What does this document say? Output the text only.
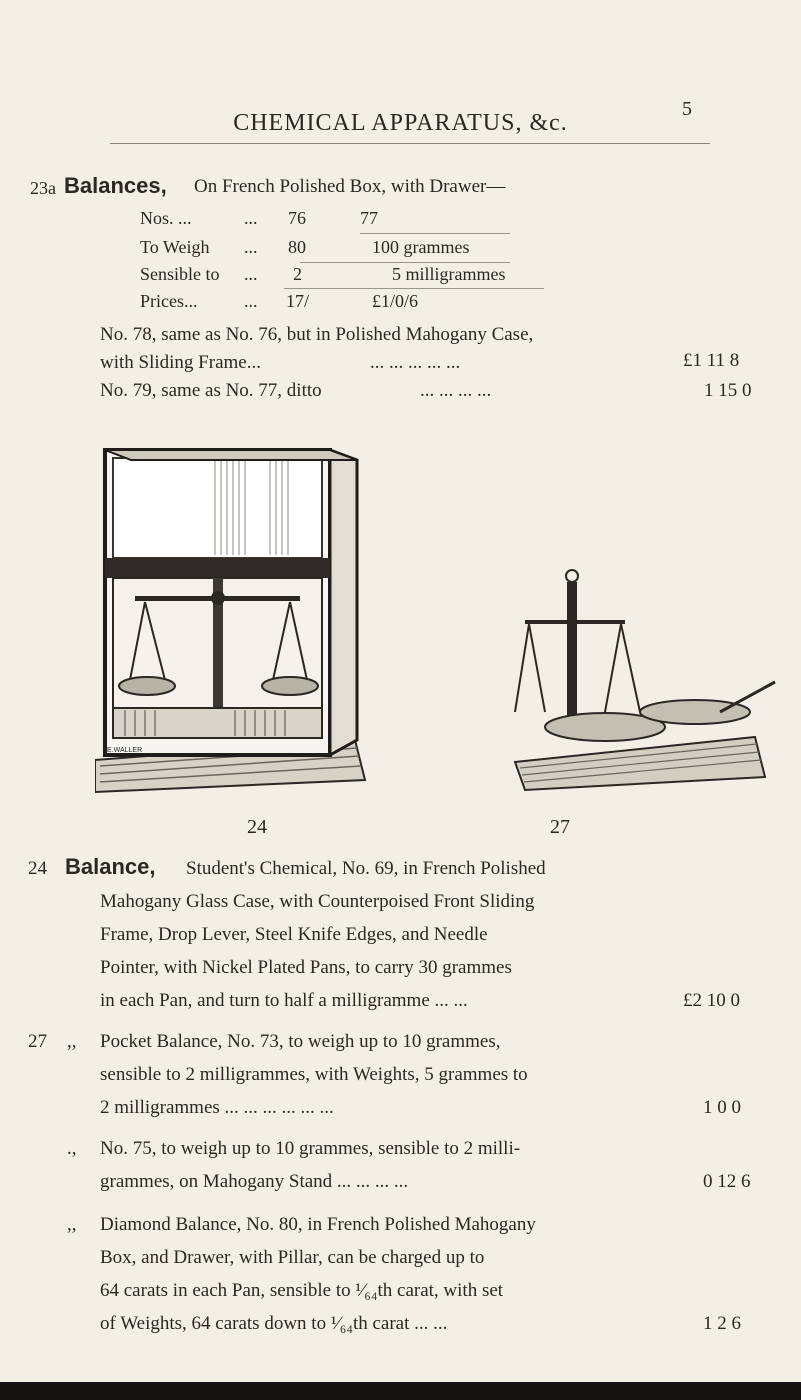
CHEMICAL APPARATUS, &c.
5
23a Balances, On French Polished Box, with Drawer—
Nos. ...	... 76	77
To Weigh ... 80	100 grammes
Sensible to ... 2	5 milligrammes
Prices...	... 17/	£1/0/6
No. 78, same as No. 76, but in Polished Mahogany Case,
with Sliding Frame...	... ... ... ... ...	£1 11 8
No. 79, same as No. 77, ditto	... ... ... ...	1 15 0
E.WALLER
24	27
24 Balance, Student's Chemical, No. 69, in French Polished
Mahogany Glass Case, with Counterpoised Front Sliding
Frame, Drop Lever, Steel Knife Edges, and Needle
Pointer, with Nickel Plated Pans, to carry 30 grammes
in each Pan, and turn to half a milligramme ... ...	£2 10 0
27 ,, Pocket Balance, No. 73, to weigh up to 10 grammes,
sensible to 2 milligrammes, with Weights, 5 grammes to
2 milligrammes ... ... ... ... ... ...	1 0 0
., No. 75, to weigh up to 10 grammes, sensible to 2 milli-
grammes, on Mahogany Stand ... ... ... ...	0 12 6
,, Diamond Balance, No. 80, in French Polished Mahogany
Box, and Drawer, with Pillar, can be charged up to
64 carats in each Pan, sensible to ¹⁄₆₄th carat, with set
of Weights, 64 carats down to ¹⁄₆₄th carat ... ...	1 2 6
